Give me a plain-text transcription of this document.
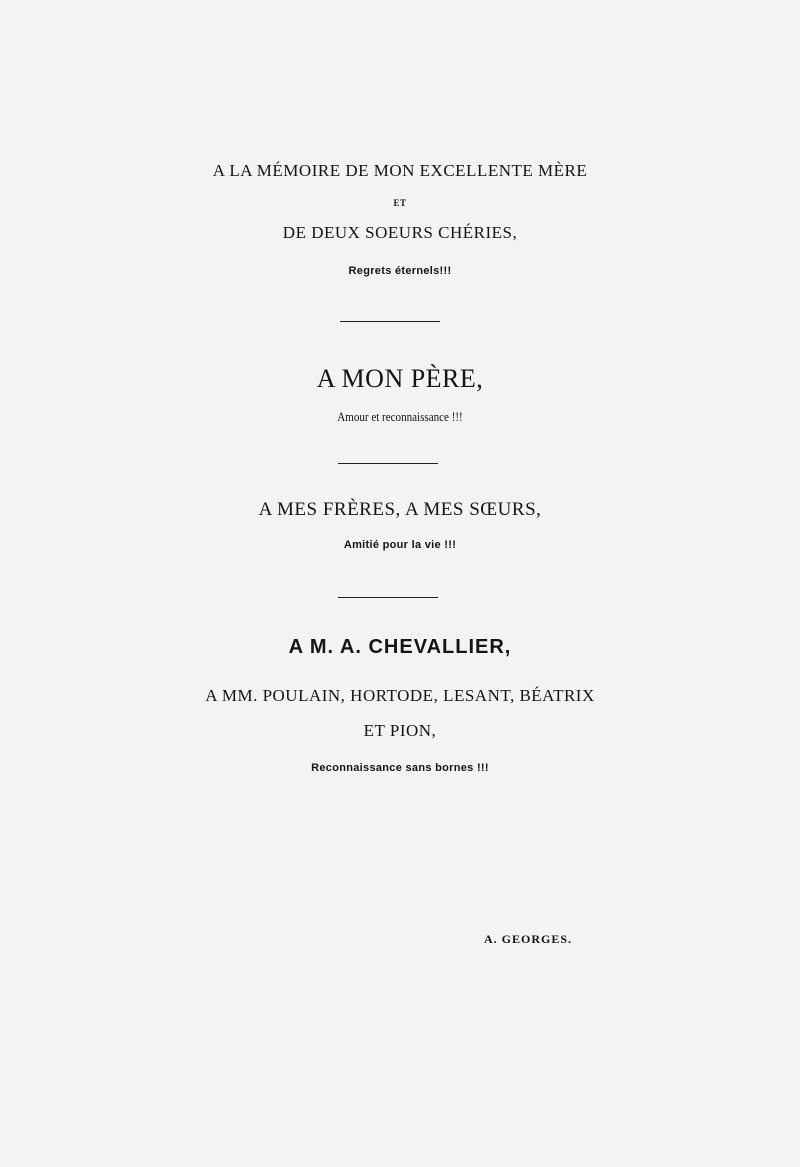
A LA MÉMOIRE DE MON EXCELLENTE MÈRE
ET
DE DEUX SOEURS CHÉRIES,
Regrets éternels!!!
A MON PÈRE,
Amour et reconnaissance !!!
A MES FRÈRES, A MES SŒURS,
Amitié pour la vie !!!
A M. A. CHEVALLIER,
A MM. POULAIN, HORTODE, LESANT, BÉATRIX
ET PION,
Reconnaissance sans bornes !!!
A. GEORGES.
